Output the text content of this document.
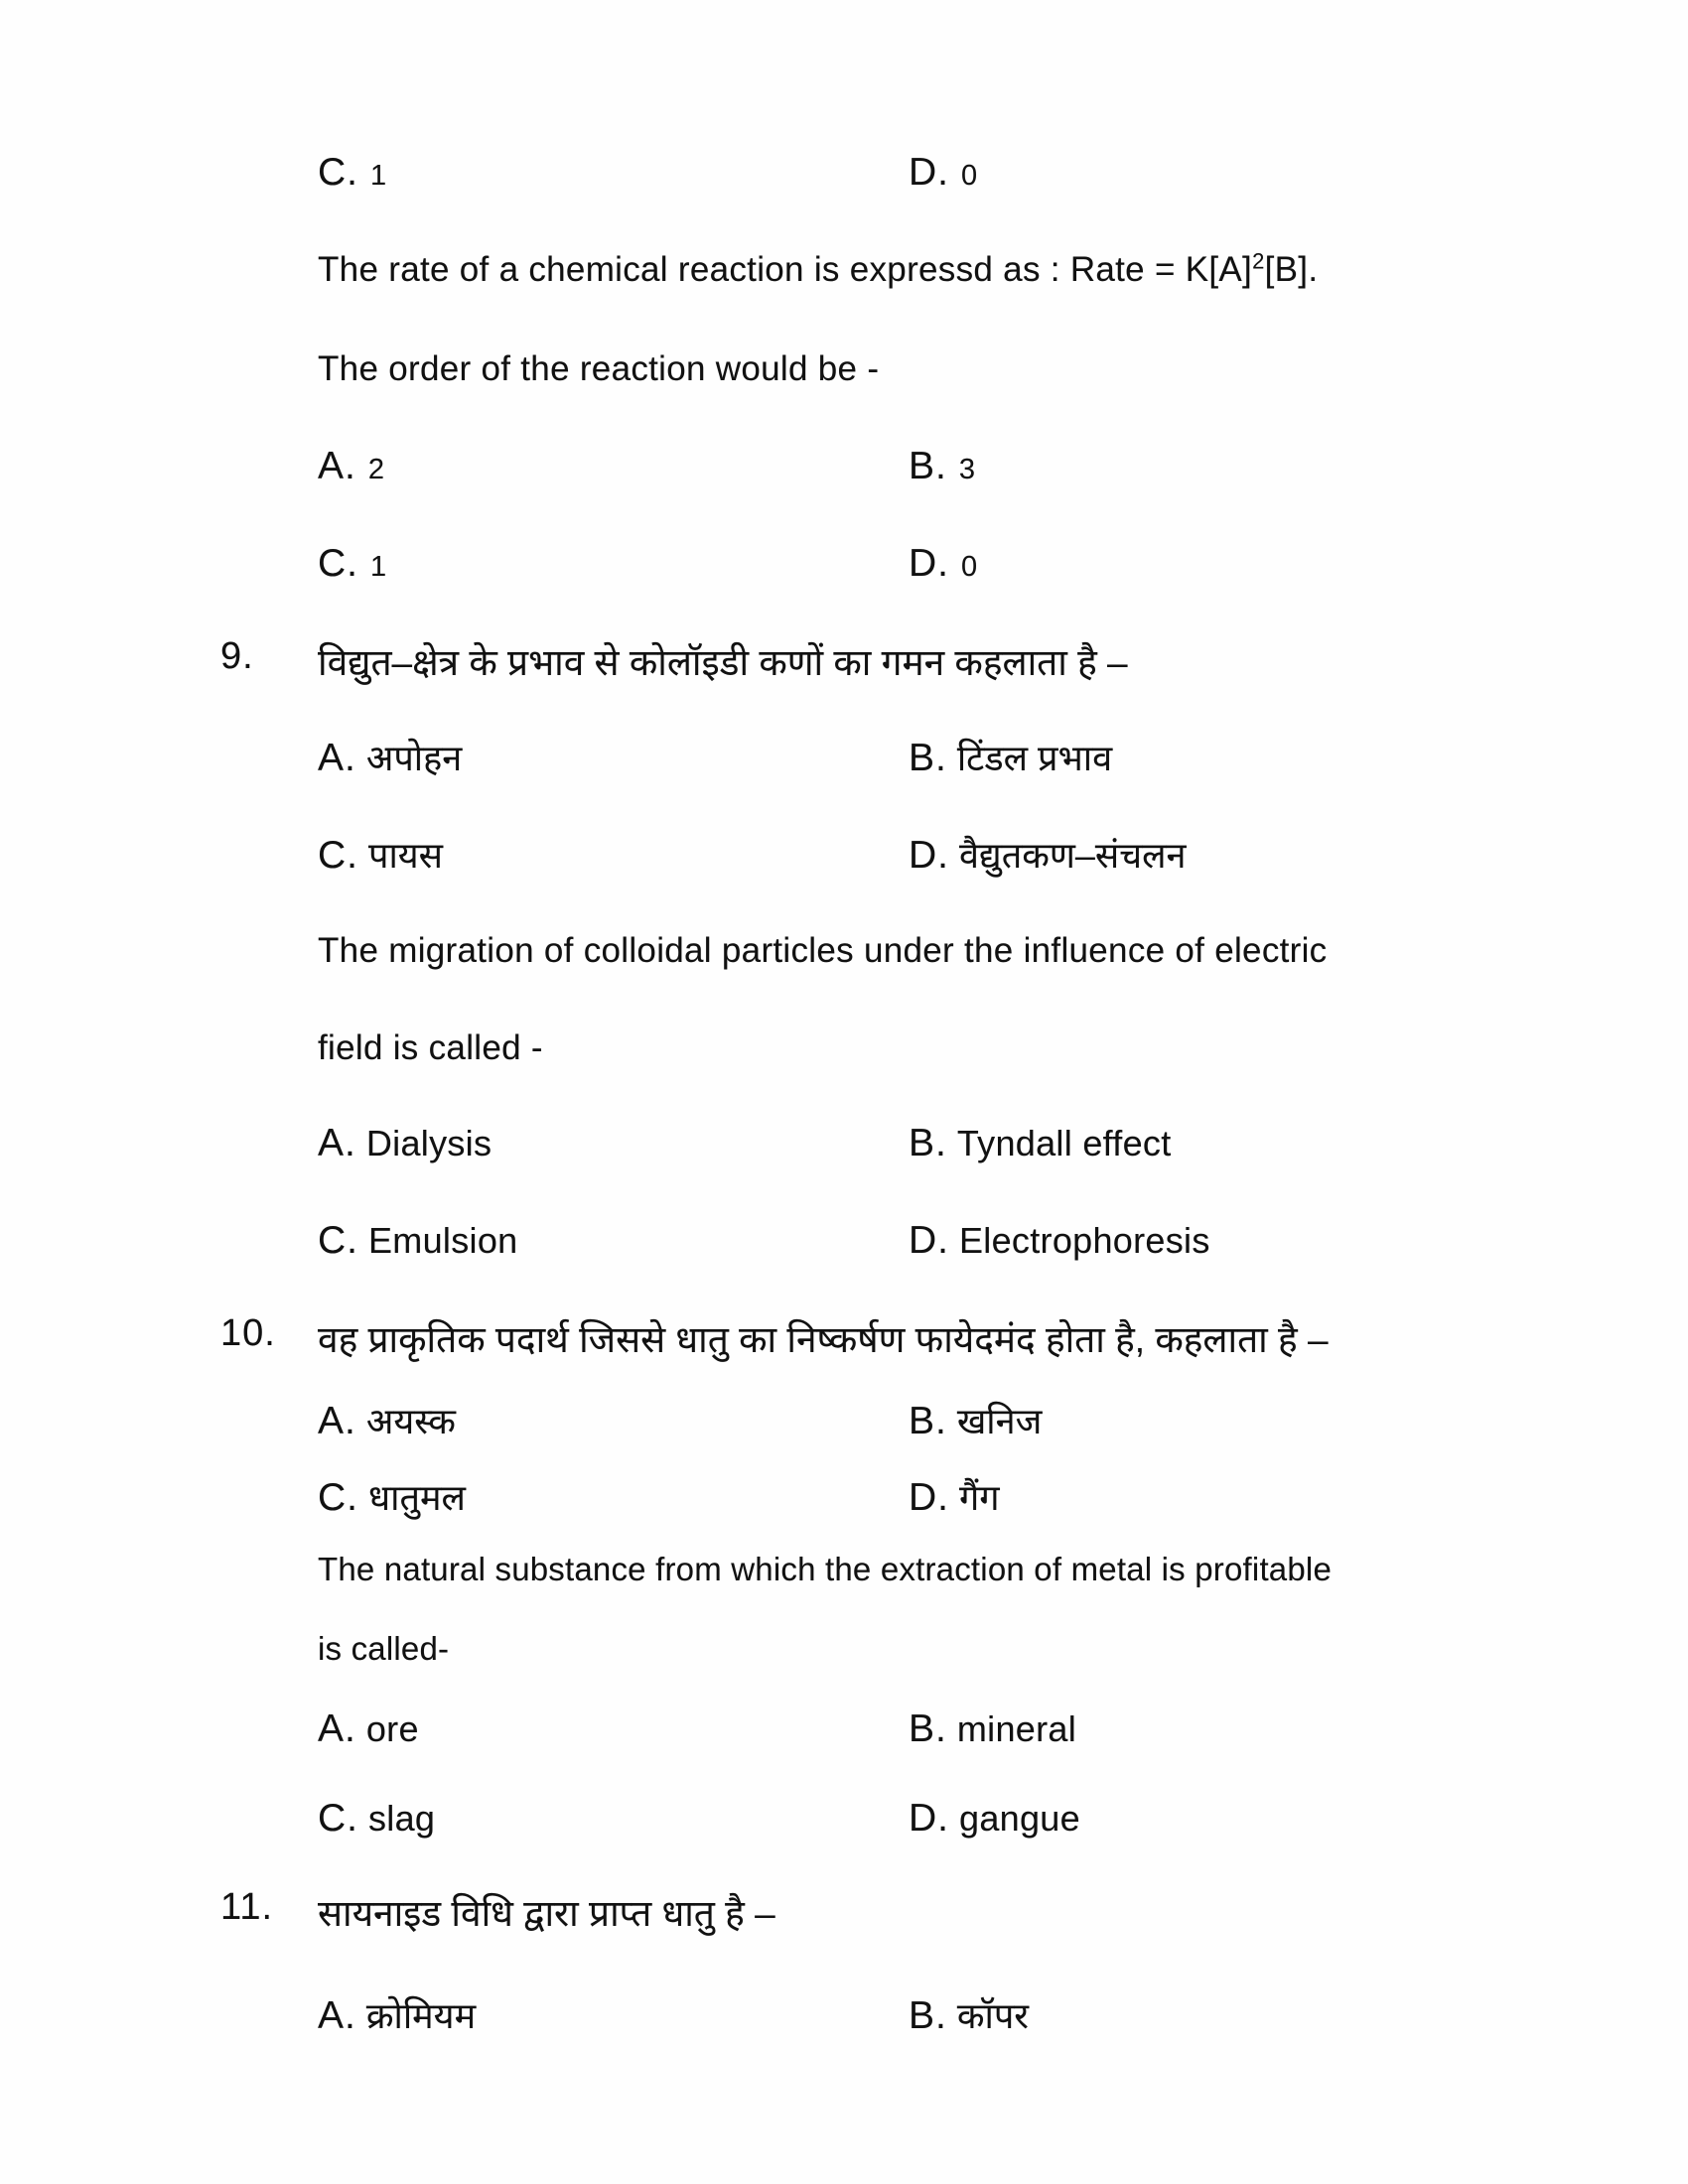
C. 1	D. 0
The rate of a chemical reaction is expressd as : Rate = $K[A]^2[B]$.
The order of the reaction would be -
A. 2	B. 3
C. 1	D. 0
9. विद्युत–क्षेत्र के प्रभाव से कोलॉइडी कणों का गमन कहलाता है –
A. अपोहन	B. टिंडल प्रभाव
C. पायस	D. वैद्युतकण–संचलन
The migration of colloidal particles under the influence of electric
field is called -
A. Dialysis	B. Tyndall effect
C. Emulsion	D. Electrophoresis
10. वह प्राकृतिक पदार्थ जिससे धातु का निष्कर्षण फायेदमंद होता है, कहलाता है –
A. अयस्क	B. खनिज
C. धातुमल	D. गैंग
The natural substance from which the extraction of metal is profitable
is called-
A. ore	B. mineral
C. slag	D. gangue
11. सायनाइड विधि द्वारा प्राप्त धातु है –
A. क्रोमियम	B. कॉपर
